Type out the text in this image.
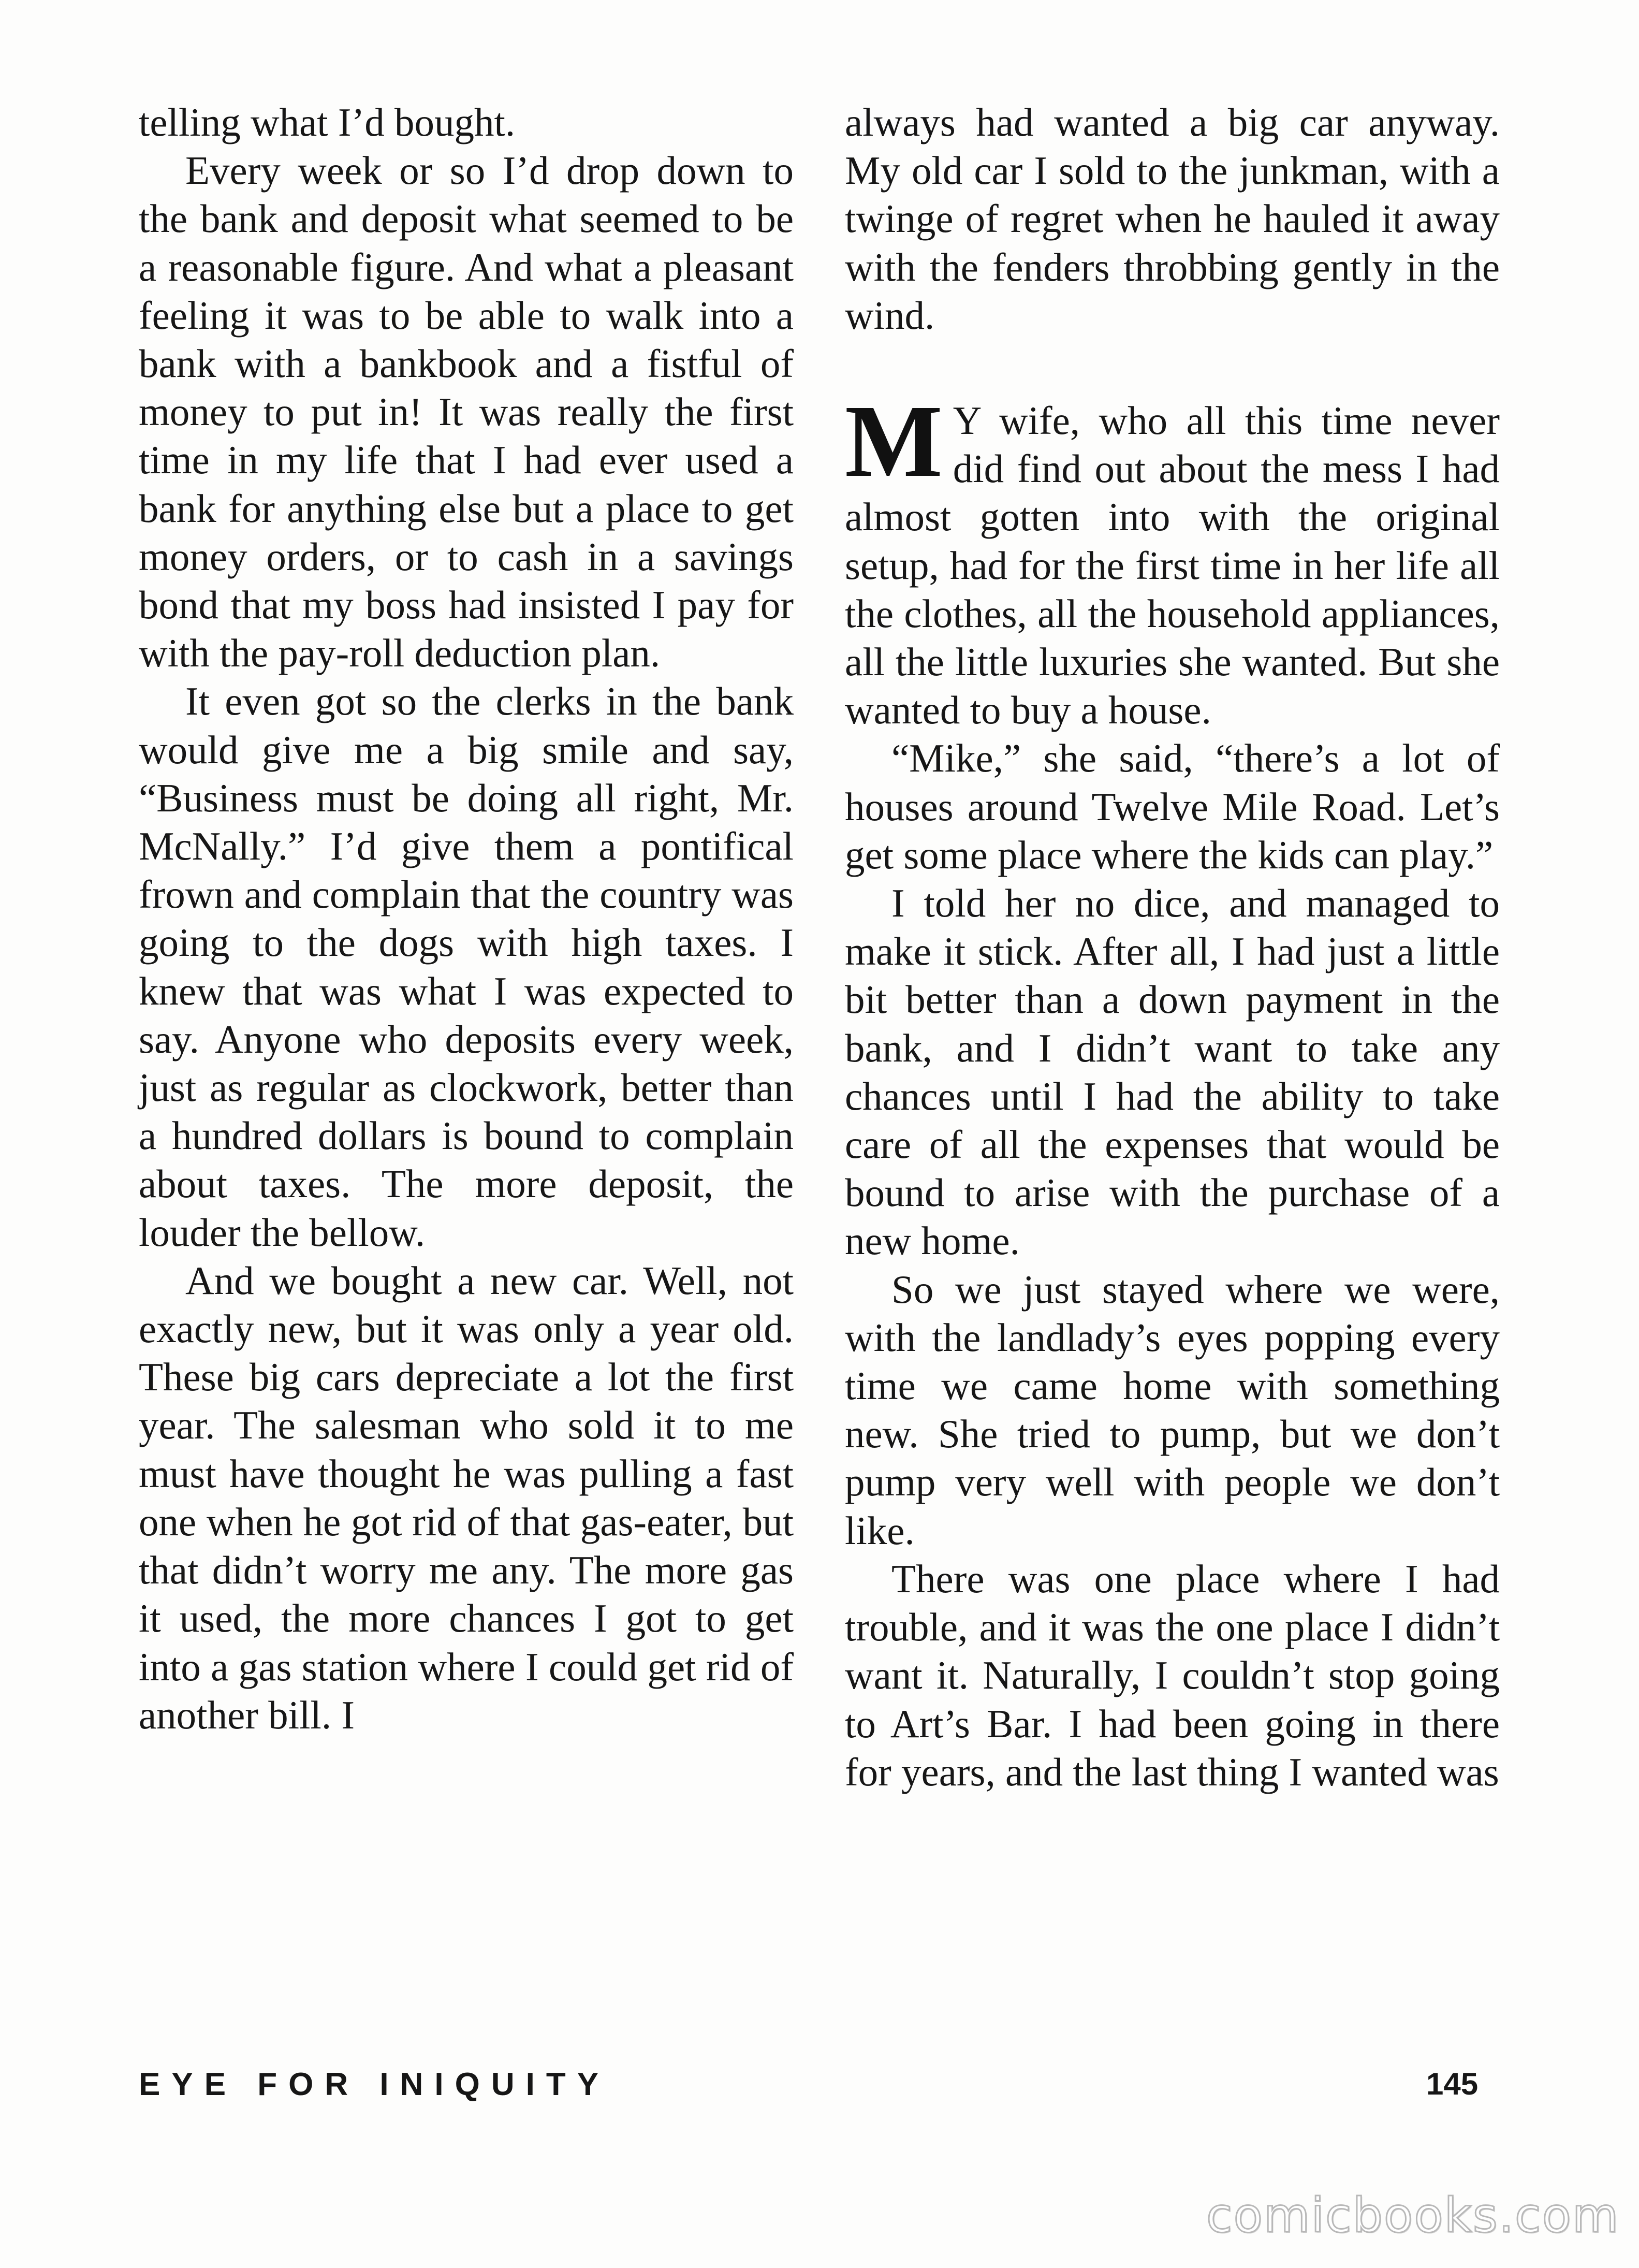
telling what I’d bought.

Every week or so I’d drop down to the bank and deposit what seemed to be a reasonable figure. And what a pleasant feeling it was to be able to walk into a bank with a bankbook and a fistful of money to put in! It was really the first time in my life that I had ever used a bank for anything else but a place to get money orders, or to cash in a savings bond that my boss had insisted I pay for with the pay-roll deduction plan.

It even got so the clerks in the bank would give me a big smile and say, “Business must be doing all right, Mr. McNally.” I’d give them a pontifical frown and complain that the country was going to the dogs with high taxes. I knew that was what I was expected to say. Anyone who deposits every week, just as regular as clockwork, better than a hundred dollars is bound to complain about taxes. The more deposit, the louder the bellow.

And we bought a new car. Well, not exactly new, but it was only a year old. These big cars depreciate a lot the first year. The salesman who sold it to me must have thought he was pulling a fast one when he got rid of that gas-eater, but that didn’t worry me any. The more gas it used, the more chances I got to get into a gas station where I could get rid of another bill. I

always had wanted a big car anyway. My old car I sold to the junkman, with a twinge of regret when he hauled it away with the fenders throbbing gently in the wind.

M Y wife, who all this time never did find out about the mess I had almost gotten into with the original setup, had for the first time in her life all the clothes, all the household appliances, all the little luxuries she wanted. But she wanted to buy a house.

“Mike,” she said, “there’s a lot of houses around Twelve Mile Road. Let’s get some place where the kids can play.”

I told her no dice, and managed to make it stick. After all, I had just a little bit better than a down payment in the bank, and I didn’t want to take any chances until I had the ability to take care of all the expenses that would be bound to arise with the purchase of a new home.

So we just stayed where we were, with the landlady’s eyes popping every time we came home with something new. She tried to pump, but we don’t pump very well with people we don’t like.

There was one place where I had trouble, and it was the one place I didn’t want it. Naturally, I couldn’t stop going to Art’s Bar. I had been going in there for years, and the last thing I wanted was

EYE FOR INIQUITY	145
comicbooks.com
